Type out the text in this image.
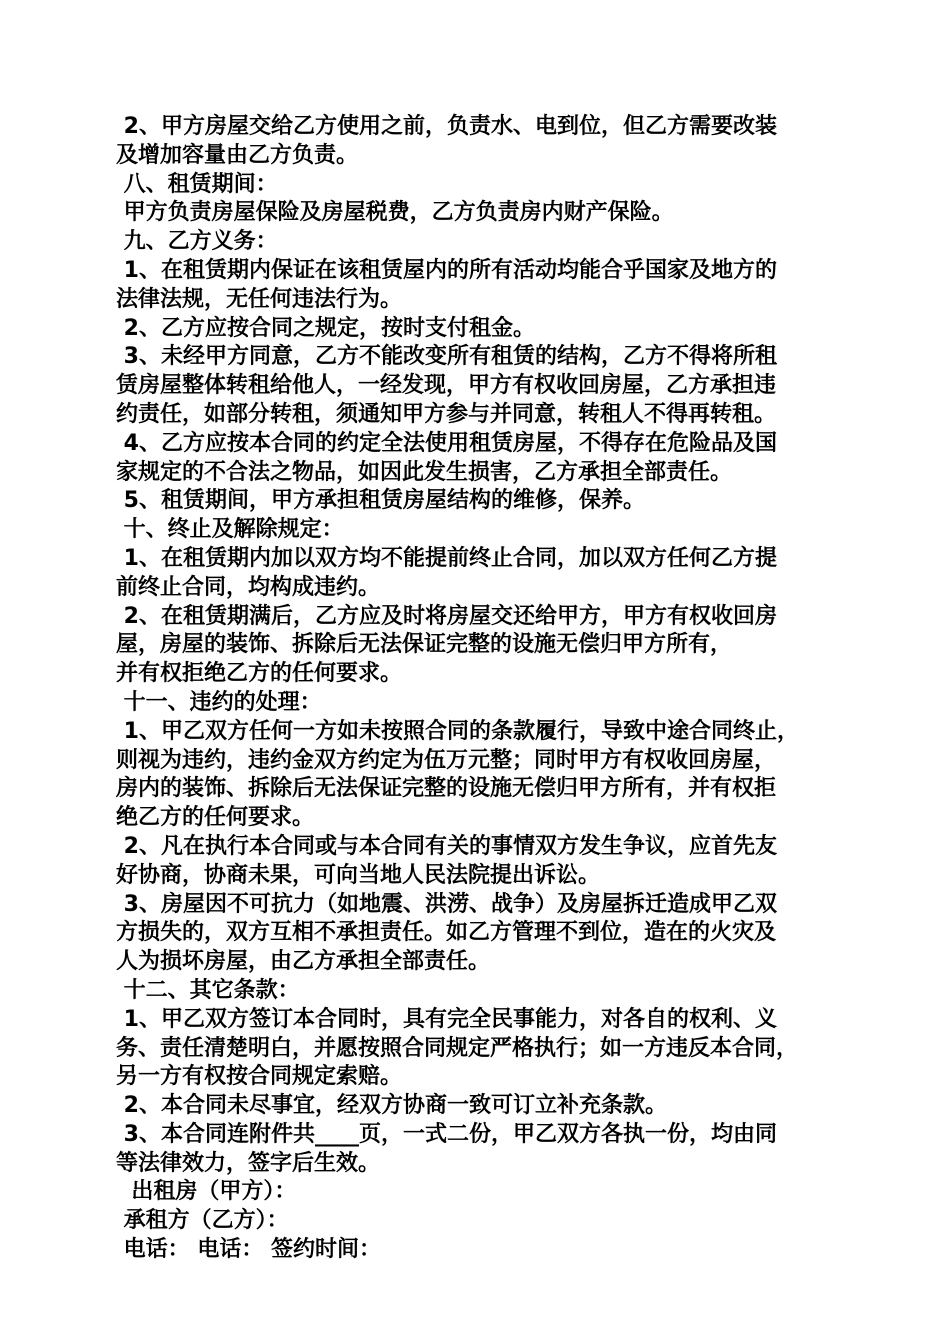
2、甲方房屋交给乙方使用之前，负责水、电到位，但乙方需要改装
及增加容量由乙方负责。
八、租赁期间：
甲方负责房屋保险及房屋税费，乙方负责房内财产保险。
九、乙方义务：
1、在租赁期内保证在该租赁屋内的所有活动均能合乎国家及地方的
法律法规，无任何违法行为。
2、乙方应按合同之规定，按时支付租金。
3、未经甲方同意，乙方不能改变所有租赁的结构，乙方不得将所租
赁房屋整体转租给他人，一经发现，甲方有权收回房屋，乙方承担违
约责任，如部分转租，须通知甲方参与并同意，转租人不得再转租。
4、乙方应按本合同的约定全法使用租赁房屋，不得存在危险品及国
家规定的不合法之物品，如因此发生损害，乙方承担全部责任。
5、租赁期间，甲方承担租赁房屋结构的维修，保养。
十、终止及解除规定：
1、在租赁期内加以双方均不能提前终止合同，加以双方任何乙方提
前终止合同，均构成违约。
2、在租赁期满后，乙方应及时将房屋交还给甲方，甲方有权收回房
屋，房屋的装饰、拆除后无法保证完整的设施无偿归甲方所有，
并有权拒绝乙方的任何要求。
十一、违约的处理：
1、甲乙双方任何一方如未按照合同的条款履行，导致中途合同终止，
则视为违约，违约金双方约定为伍万元整；同时甲方有权收回房屋，
房内的装饰、拆除后无法保证完整的设施无偿归甲方所有，并有权拒
绝乙方的任何要求。
2、凡在执行本合同或与本合同有关的事情双方发生争议，应首先友
好协商，协商未果，可向当地人民法院提出诉讼。
3、房屋因不可抗力（如地震、洪涝、战争）及房屋拆迁造成甲乙双
方损失的，双方互相不承担责任。如乙方管理不到位，造在的火灾及
人为损坏房屋，由乙方承担全部责任。
十二、其它条款：
1、甲乙双方签订本合同时，具有完全民事能力，对各自的权利、义
务、责任清楚明白，并愿按照合同规定严格执行；如一方违反本合同，
另一方有权按合同规定索赔。
2、本合同未尽事宜，经双方协商一致可订立补充条款。
3、本合同连附件共____页，一式二份，甲乙双方各执一份，均由同
等法律效力，签字后生效。
出租房（甲方）：
承租方（乙方）：
电话： 电话： 签约时间：
